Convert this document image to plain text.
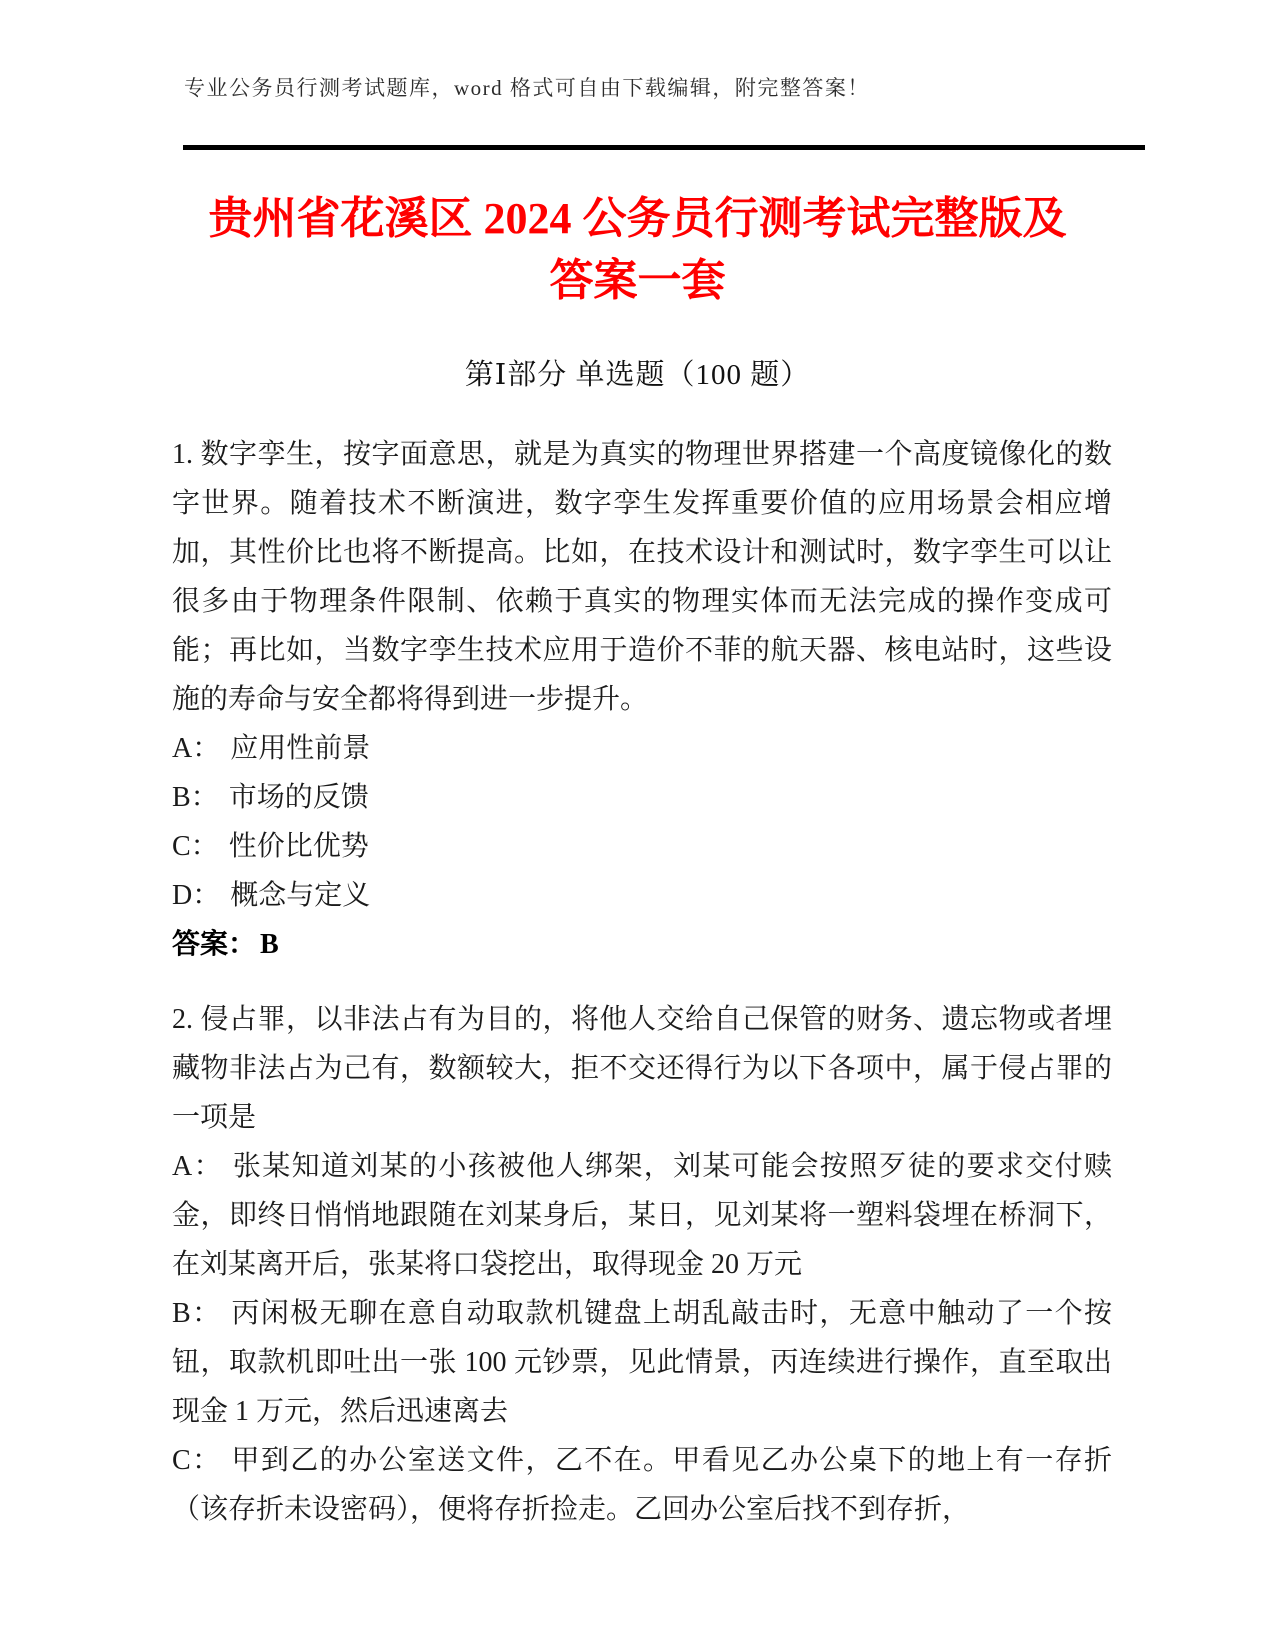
专业公务员行测考试题库，word 格式可自由下载编辑，附完整答案！
贵州省花溪区 2024 公务员行测考试完整版及
答案一套
第Ⅰ部分 单选题（100 题）
1. 数字孪生，按字面意思，就是为真实的物理世界搭建一个高度镜像化的数字世界。随着技术不断演进，数字孪生发挥重要价值的应用场景会相应增加，其性价比也将不断提高。比如，在技术设计和测试时，数字孪生可以让很多由于物理条件限制、依赖于真实的物理实体而无法完成的操作变成可能；再比如，当数字孪生技术应用于造价不菲的航天器、核电站时，这些设施的寿命与安全都将得到进一步提升。
A： 应用性前景
B： 市场的反馈
C： 性价比优势
D： 概念与定义
答案： B
2. 侵占罪，以非法占有为目的，将他人交给自己保管的财务、遗忘物或者埋藏物非法占为己有，数额较大，拒不交还得行为以下各项中，属于侵占罪的一项是
A： 张某知道刘某的小孩被他人绑架，刘某可能会按照歹徒的要求交付赎金，即终日悄悄地跟随在刘某身后，某日，见刘某将一塑料袋埋在桥洞下，在刘某离开后，张某将口袋挖出，取得现金 20 万元
B： 丙闲极无聊在意自动取款机键盘上胡乱敲击时，无意中触动了一个按钮，取款机即吐出一张 100 元钞票，见此情景，丙连续进行操作，直至取出现金 1 万元，然后迅速离去
C： 甲到乙的办公室送文件，乙不在。甲看见乙办公桌下的地上有一存折（该存折未设密码），便将存折捡走。乙回办公室后找不到存折，
